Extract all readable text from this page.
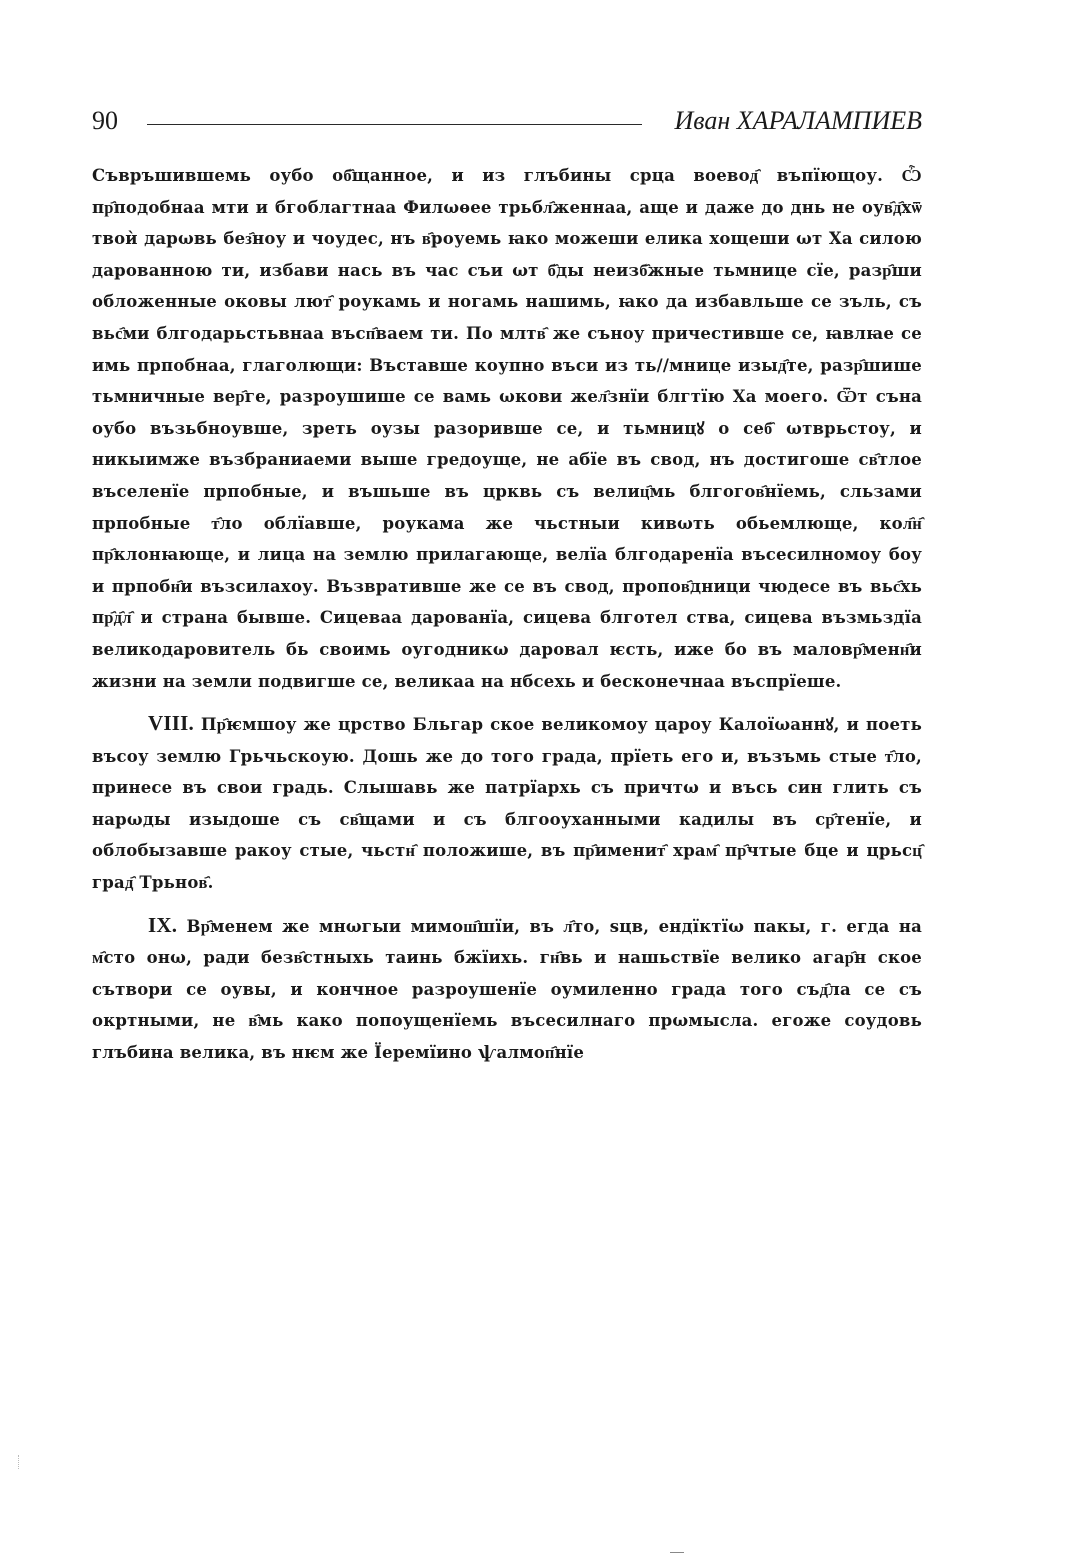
90	Иван ХАРАЛАМПИЕВ

Съвръшившемь оубо об҄щанное, и из глъбины срца воевод҄ въпїющоу. Ѽ пр҄подобнаа мти и бгоблагтнаа Филωѳее трьбл҄женнаа, аще и даже до днь не оув҄д҄хѿ твоѝ дарωвь без҄ноу и чоудес, нъ в҄роуемь ꙗко можеши елика хощеши ωт Ха силою дарованною ти, избави нась въ час съи ωт б҄ды неизб҄жные тьмнице сїе, разр҄ши обложенные оковы лют҄ роукамь и ногамь нашимь, ꙗко да избавльше се зъль, съ вьс҄ми блгодарьстьвнаа въсп҄ваем ти. По млтв҄ же съноу причестивше се, ꙗвлꙗе се имь прпобнаа, глаголющи: Въставше коупно въси из ть//мнице изыд҄те, разр҄шише тьмничные вер҄ге, разроушише се вамь ωкови жел҄знїи блгтїю Ха моего. Ѿт съна оубо възьбноувше, зреть оузы разоривше се, и тьмницꙋ о себ҄ ωтврьстоу, и никыимже възбраниаеми выше гредоуще, не абїе въ свод, нъ достигоше св҄тлое въселенїе прпобные, и въшьше въ црквь съ велиц҄мь блгогов҄нїемь, сльзами прпобные т҄ло облїавше, роукама же чьстныи кивωть обьемлюще, кол҄н҄ пр҄клонꙗюще, и лица на землю прилагающе, велїа блгодаренїа въсесилномоу боу и прпобн҄и възсилахоу. Възвративше же се въ свод, пропов҄дници чюдесе въ вьс҄хь пр҄д҄л҄ и страна бывше. Сицеваа дарованїа, сицева блготел ства, сицева възмьздїа великодаровитель бь своимь оугодникω даровал ѥсть, иже бо въ маловр҄менн҄и жизни на земли подвигше се, великаа на нбсехь и бесконечнаа въспрїеше.

VIII. Пр҄ѥмшоу же црство Бльгар ское великомоу цароу Калоїωаннꙋ, и поеть въсоу землю Грьчьскоую. Дошь же до того града, прїеть его и, възъмь стые т҄ло, принесе въ свои градь. Слышавь же патрїархь съ причтω и въсь син глить съ нарωды изыдоше съ св҄щами и съ блгооуханными кадилы въ ср҄тенїе, и облобызавше ракоу стые, чьстн҄ положише, въ пр҄именит҄ храм҄ пр҄чтые бце и црьсц҄ град҄ Трьнов҄.

IX. Вр҄менем же мнωгыи мимош҄шїи, въ л҄то, ѕцв, ендїктїω пакы, г. егда на м҄сто онω, ради безв҄стныхь таинь бжїихь. гн҄вь и нашьствїе велико агар҄н ское сътвори се оувы, и кончное разроушенїе оумиленно града того съд҄ла се съ окртными, не в҄мь како попоущенїемь въсесилнаго прωмысла. егоже соудовь глъбина велика, въ нѥм же Їеремїино ѱалмоп҄нїе
